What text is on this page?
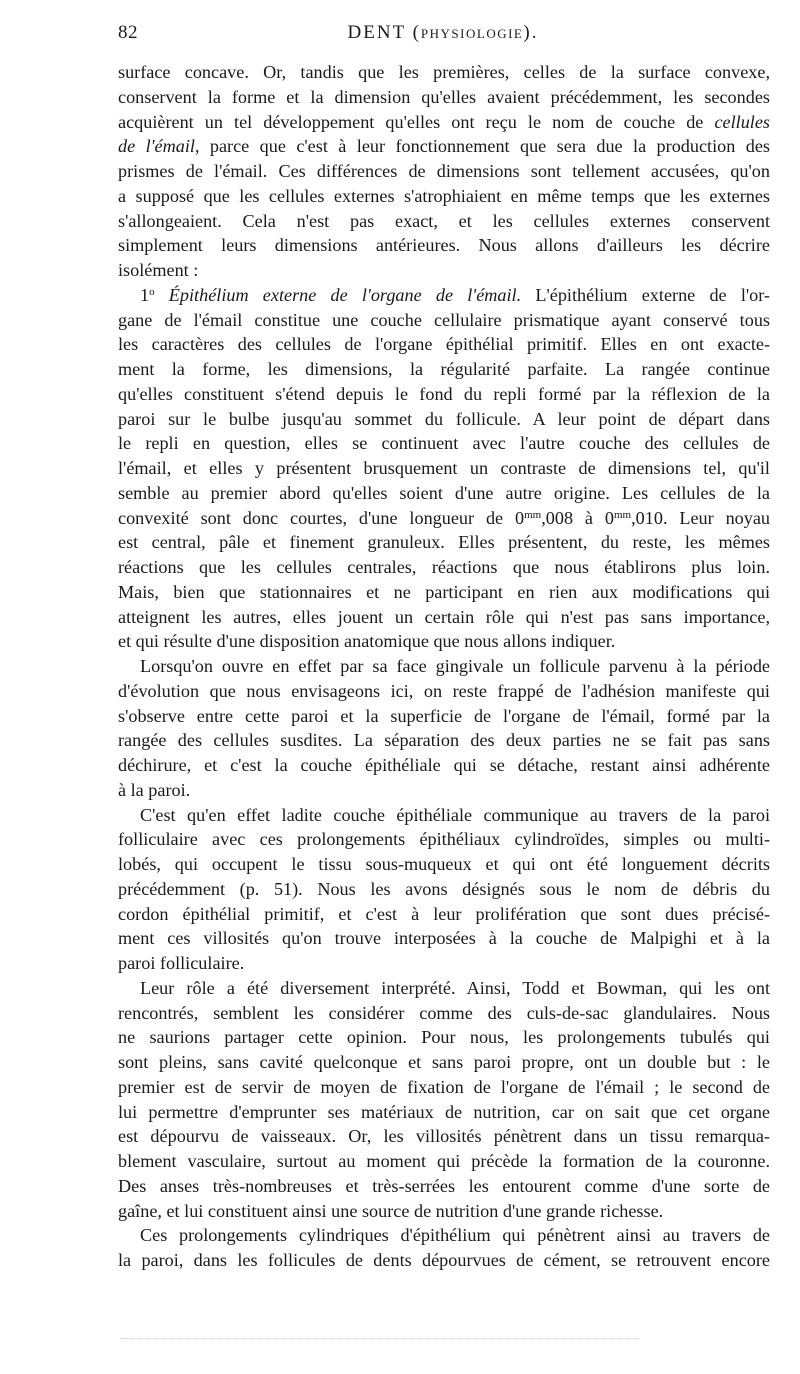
82	DENT (PHYSIOLOGIE).
surface concave. Or, tandis que les premières, celles de la surface convexe,
conservent la forme et la dimension qu'elles avaient précédemment, les secondes
acquièrent un tel développement qu'elles ont reçu le nom de couche de cellules
de l'émail, parce que c'est à leur fonctionnement que sera due la production des
prismes de l'émail. Ces différences de dimensions sont tellement accusées, qu'on
a supposé que les cellules externes s'atrophiaient en même temps que les externes
s'allongeaient. Cela n'est pas exact, et les cellules externes conservent
simplement leurs dimensions antérieures. Nous allons d'ailleurs les décrire
isolément :
1$^o$ Épithélium externe de l'organe de l'émail. L'épithélium externe de l'or-
gane de l'émail constitue une couche cellulaire prismatique ayant conservé tous
les caractères des cellules de l'organe épithélial primitif. Elles en ont exacte-
ment la forme, les dimensions, la régularité parfaite. La rangée continue
qu'elles constituent s'étend depuis le fond du repli formé par la réflexion de la
paroi sur le bulbe jusqu'au sommet du follicule. A leur point de départ dans
le repli en question, elles se continuent avec l'autre couche des cellules de
l'émail, et elles y présentent brusquement un contraste de dimensions tel, qu'il
semble au premier abord qu'elles soient d'une autre origine. Les cellules de la
convexité sont donc courtes, d'une longueur de $0^{mm},008$ à $0^{mm},010$. Leur noyau
est central, pâle et finement granuleux. Elles présentent, du reste, les mêmes
réactions que les cellules centrales, réactions que nous établirons plus loin.
Mais, bien que stationnaires et ne participant en rien aux modifications qui
atteignent les autres, elles jouent un certain rôle qui n'est pas sans importance,
et qui résulte d'une disposition anatomique que nous allons indiquer.
Lorsqu'on ouvre en effet par sa face gingivale un follicule parvenu à la période
d'évolution que nous envisageons ici, on reste frappé de l'adhésion manifeste qui
s'observe entre cette paroi et la superficie de l'organe de l'émail, formé par la
rangée des cellules susdites. La séparation des deux parties ne se fait pas sans
déchirure, et c'est la couche épithéliale qui se détache, restant ainsi adhérente
à la paroi.
C'est qu'en effet ladite couche épithéliale communique au travers de la paroi
folliculaire avec ces prolongements épithéliaux cylindroïdes, simples ou multi-
lobés, qui occupent le tissu sous-muqueux et qui ont été longuement décrits
précédemment (p. 51). Nous les avons désignés sous le nom de débris du
cordon épithélial primitif, et c'est à leur prolifération que sont dues précisé-
ment ces villosités qu'on trouve interposées à la couche de Malpighi et à la
paroi folliculaire.
Leur rôle a été diversement interprété. Ainsi, Todd et Bowman, qui les ont
rencontrés, semblent les considérer comme des culs-de-sac glandulaires. Nous
ne saurions partager cette opinion. Pour nous, les prolongements tubulés qui
sont pleins, sans cavité quelconque et sans paroi propre, ont un double but : le
premier est de servir de moyen de fixation de l'organe de l'émail ; le second de
lui permettre d'emprunter ses matériaux de nutrition, car on sait que cet organe
est dépourvu de vaisseaux. Or, les villosités pénètrent dans un tissu remarqua-
blement vasculaire, surtout au moment qui précède la formation de la couronne.
Des anses très-nombreuses et très-serrées les entourent comme d'une sorte de
gaîne, et lui constituent ainsi une source de nutrition d'une grande richesse.
Ces prolongements cylindriques d'épithélium qui pénètrent ainsi au travers de
la paroi, dans les follicules de dents dépourvues de cément, se retrouvent encore
